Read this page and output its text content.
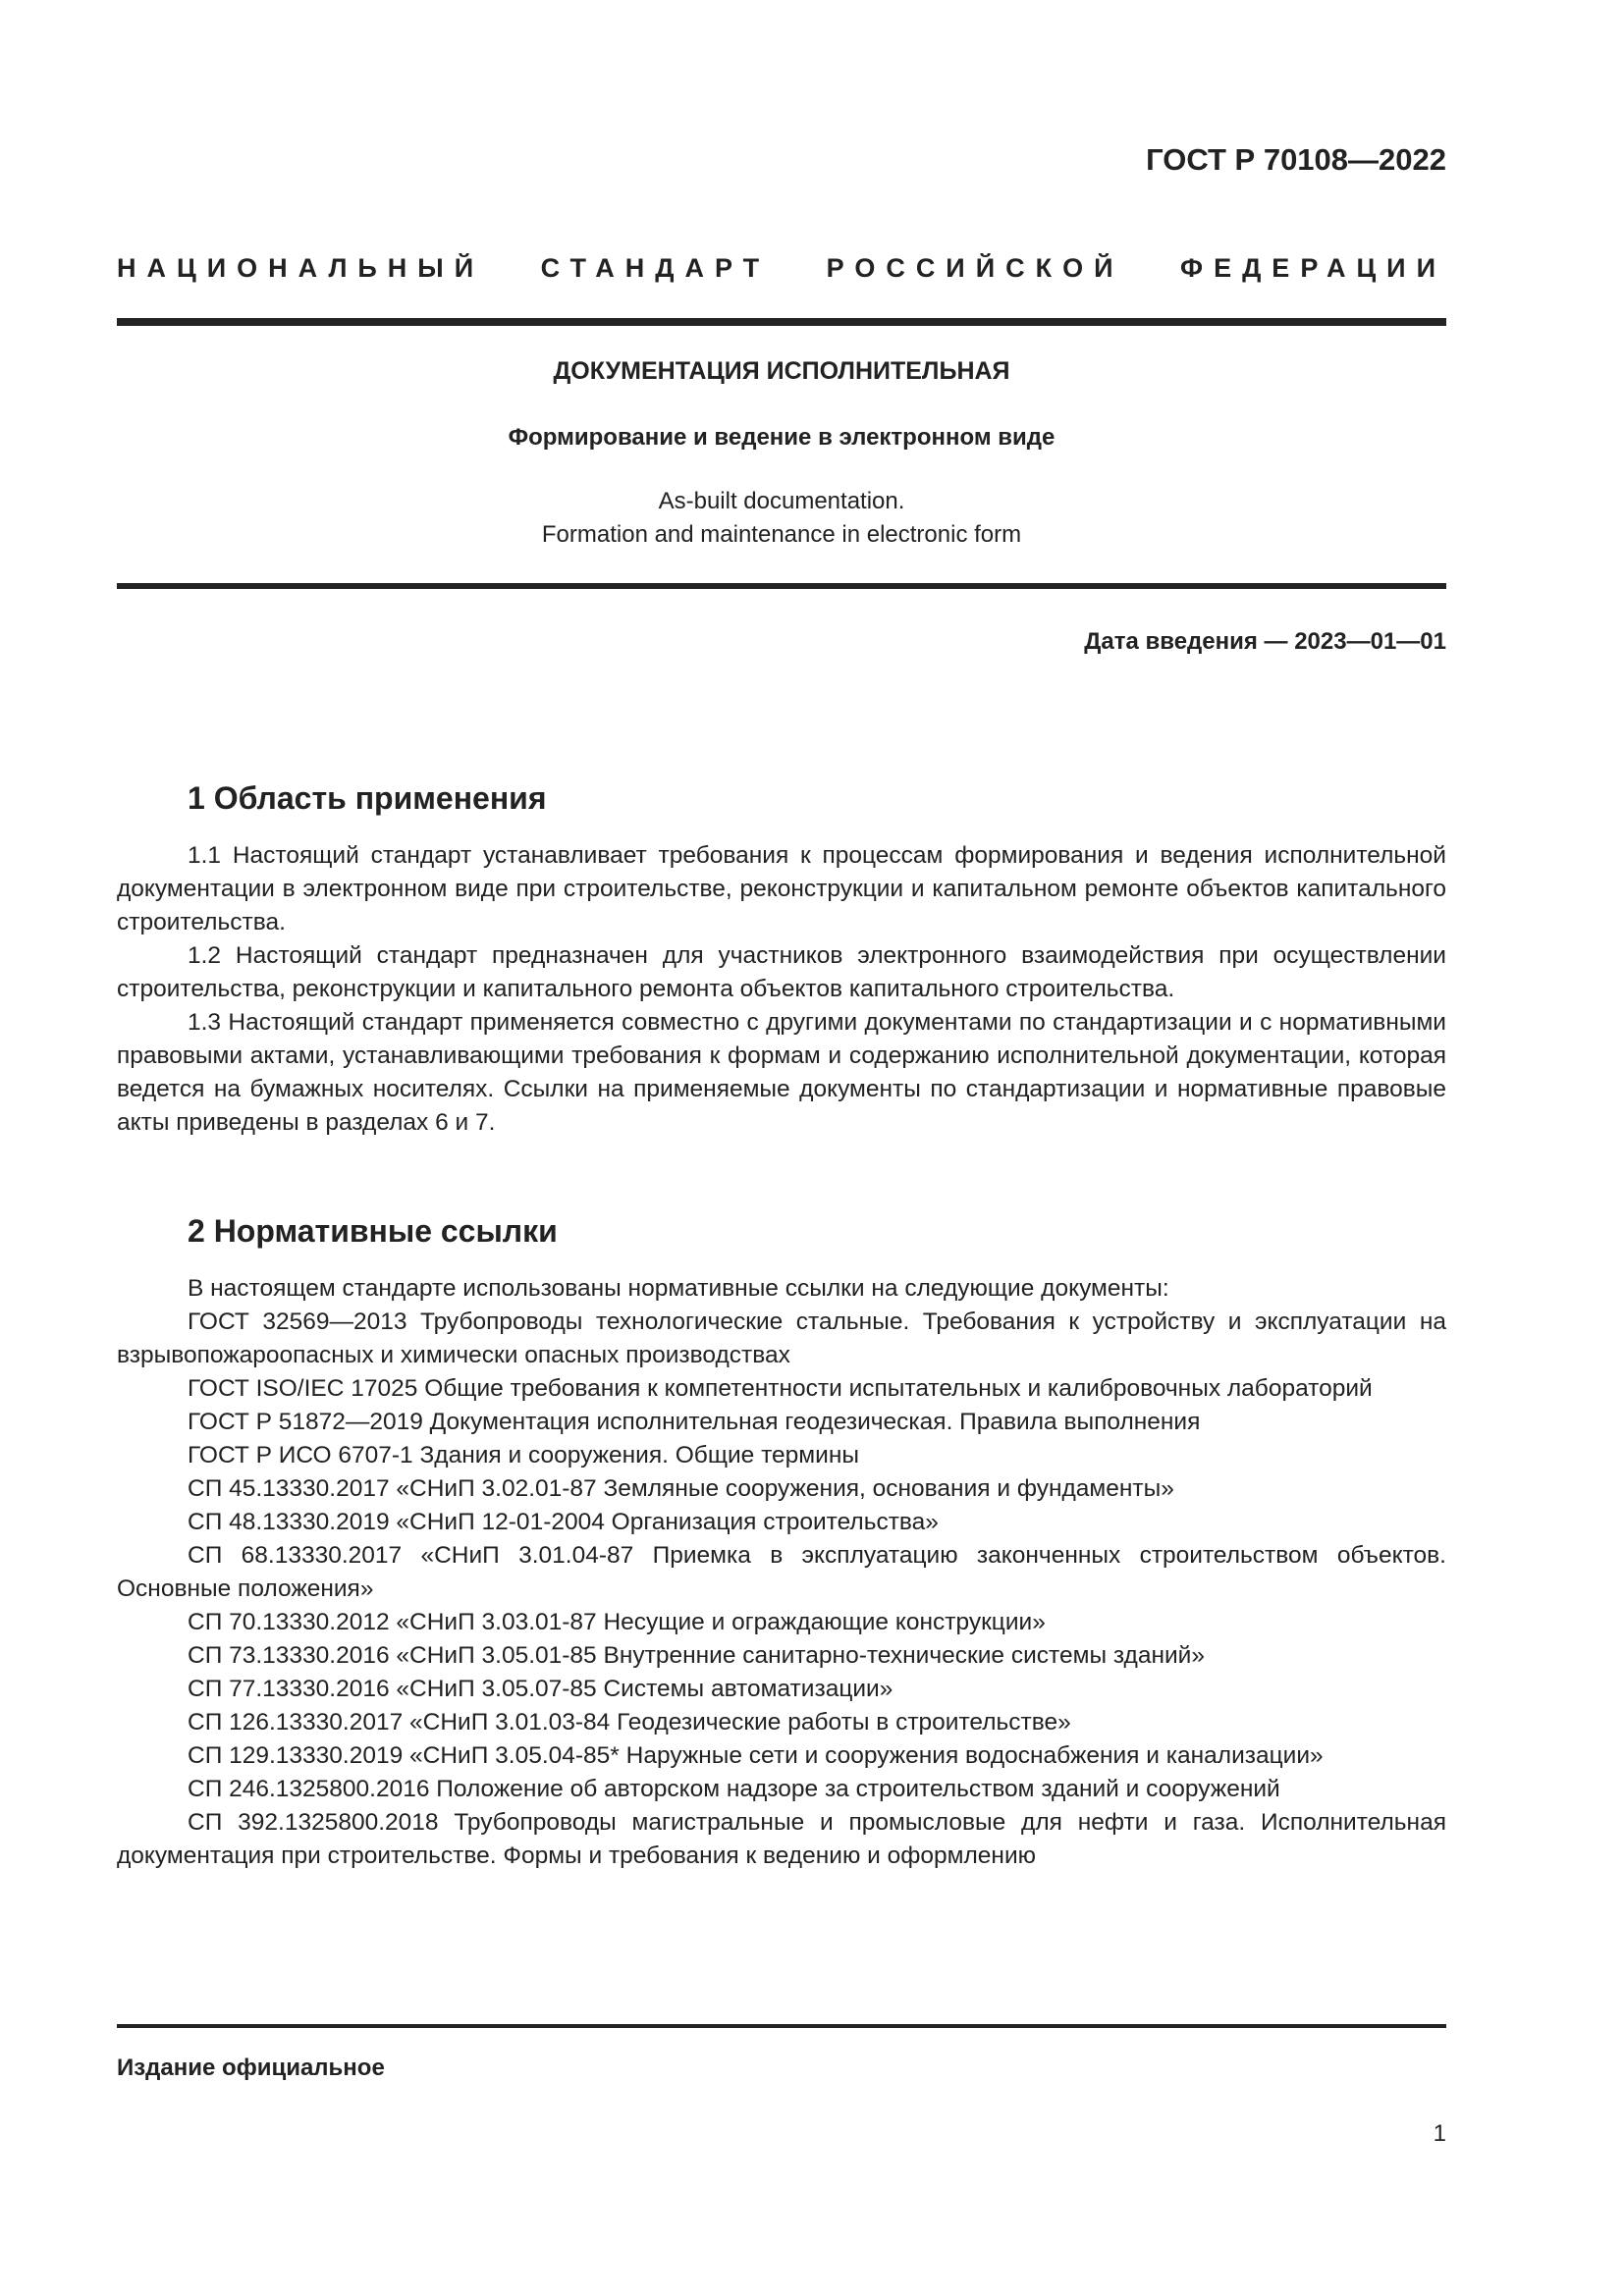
ГОСТ Р 70108—2022
НАЦИОНАЛЬНЫЙ СТАНДАРТ РОССИЙСКОЙ ФЕДЕРАЦИИ
ДОКУМЕНТАЦИЯ ИСПОЛНИТЕЛЬНАЯ
Формирование и ведение в электронном виде
As-built documentation.
Formation and maintenance in electronic form
Дата введения — 2023—01—01
1 Область применения

1.1 Настоящий стандарт устанавливает требования к процессам формирования и ведения исполнительной документации в электронном виде при строительстве, реконструкции и капитальном ремонте объектов капитального строительства.

1.2 Настоящий стандарт предназначен для участников электронного взаимодействия при осуществлении строительства, реконструкции и капитального ремонта объектов капитального строительства.

1.3 Настоящий стандарт применяется совместно с другими документами по стандартизации и с нормативными правовыми актами, устанавливающими требования к формам и содержанию исполнительной документации, которая ведется на бумажных носителях. Ссылки на применяемые документы по стандартизации и нормативные правовые акты приведены в разделах 6 и 7.

2 Нормативные ссылки

В настоящем стандарте использованы нормативные ссылки на следующие документы:

ГОСТ 32569—2013 Трубопроводы технологические стальные. Требования к устройству и эксплуатации на взрывопожароопасных и химически опасных производствах

ГОСТ ISO/IEC 17025 Общие требования к компетентности испытательных и калибровочных лабораторий

ГОСТ Р 51872—2019 Документация исполнительная геодезическая. Правила выполнения

ГОСТ Р ИСО 6707-1 Здания и сооружения. Общие термины

СП 45.13330.2017 «СНиП 3.02.01-87 Земляные сооружения, основания и фундаменты»

СП 48.13330.2019 «СНиП 12-01-2004 Организация строительства»

СП 68.13330.2017 «СНиП 3.01.04-87 Приемка в эксплуатацию законченных строительством объектов. Основные положения»

СП 70.13330.2012 «СНиП 3.03.01-87 Несущие и ограждающие конструкции»

СП 73.13330.2016 «СНиП 3.05.01-85 Внутренние санитарно-технические системы зданий»

СП 77.13330.2016 «СНиП 3.05.07-85 Системы автоматизации»

СП 126.13330.2017 «СНиП 3.01.03-84 Геодезические работы в строительстве»

СП 129.13330.2019 «СНиП 3.05.04-85* Наружные сети и сооружения водоснабжения и канализации»

СП 246.1325800.2016 Положение об авторском надзоре за строительством зданий и сооружений

СП 392.1325800.2018 Трубопроводы магистральные и промысловые для нефти и газа. Исполнительная документация при строительстве. Формы и требования к ведению и оформлению

Издание официальное
1
